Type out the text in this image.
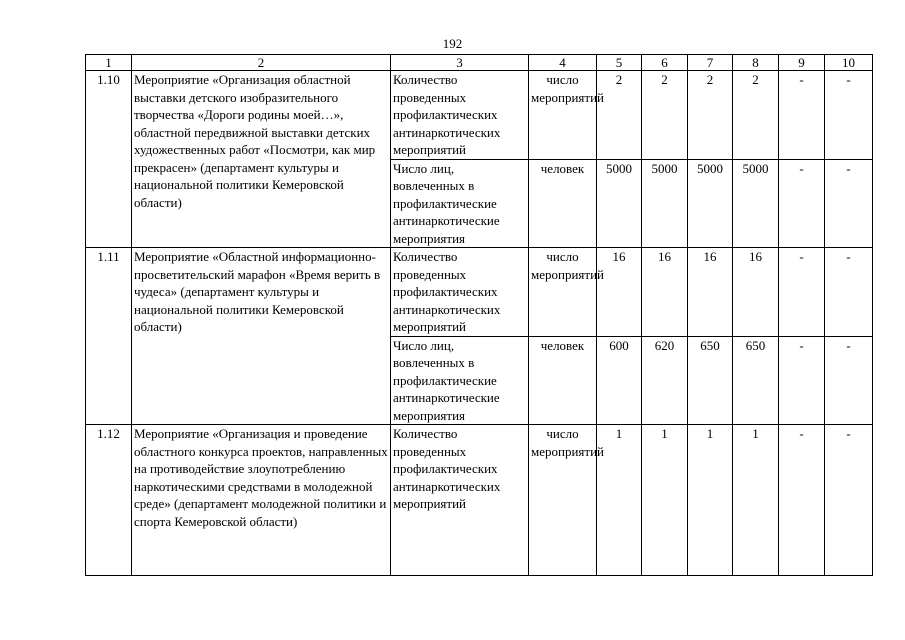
192
1	2	3	4	5	6	7	8	9	10
1.10	Мероприятие «Организация областной выставки детского изобразительного творчества «Дороги родины моей…», областной передвижной выставки детских художественных работ «Посмотри, как мир прекрасен» (департамент культуры и национальной политики Кемеровской области)	Количество проведенных профилактических антинаркотических мероприятий	число мероприятий	2	2	2	2	-	-
		Число лиц, вовлеченных в профилактические антинаркотические мероприятия	человек	5000	5000	5000	5000	-	-
1.11	Мероприятие «Областной информационно-просветительский марафон «Время верить в чудеса» (департамент культуры и национальной политики Кемеровской области)	Количество проведенных профилактических антинаркотических мероприятий	число мероприятий	16	16	16	16	-	-
		Число лиц, вовлеченных в профилактические антинаркотические мероприятия	человек	600	620	650	650	-	-
1.12	Мероприятие «Организация и проведение областного конкурса проектов, направленных на противодействие злоупотреблению наркотическими средствами в молодежной среде» (департамент молодежной политики и спорта Кемеровской области)	Количество проведенных профилактических антинаркотических мероприятий	число мероприятий	1	1	1	1	-	-
